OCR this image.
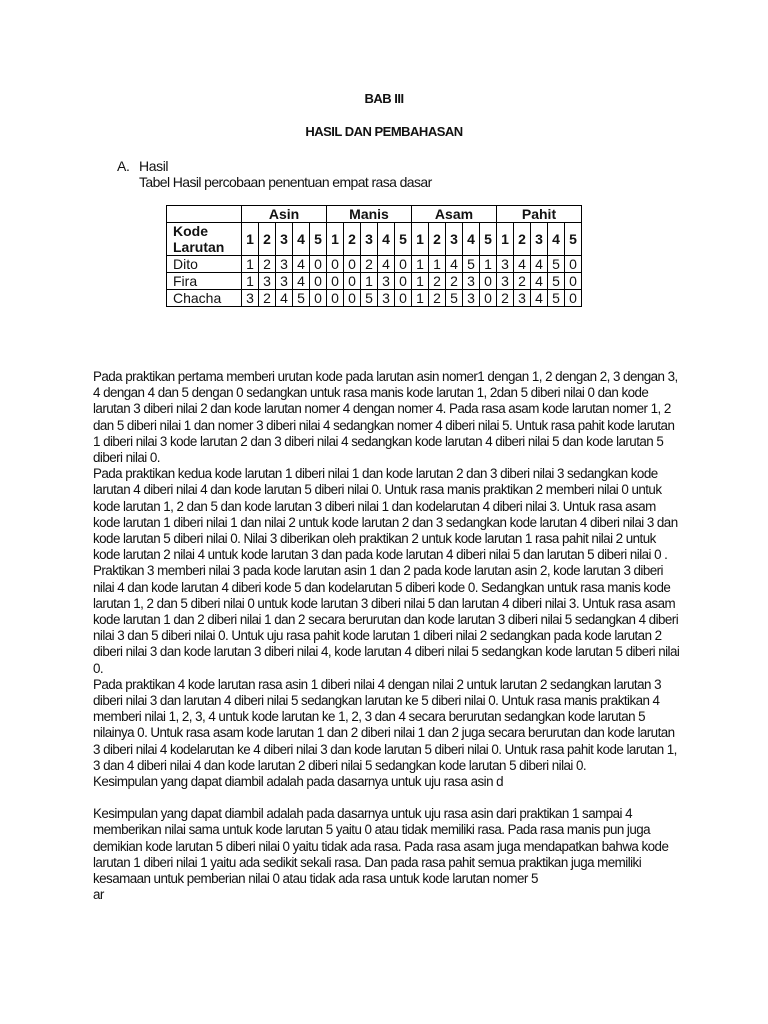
BAB III
HASIL DAN PEMBAHASAN
A. Hasil
Tabel Hasil percobaan penentuan empat rasa dasar
	Asin					Manis					Asam					Pahit				
Kode Larutan	1	2	3	4	5	1	2	3	4	5	1	2	3	4	5	1	2	3	4	5
Dito	1	2	3	4	0	0	0	2	4	0	1	1	4	5	1	3	4	4	5	0
Fira	1	3	3	4	0	0	0	1	3	0	1	2	2	3	0	3	2	4	5	0
Chacha	3	2	4	5	0	0	0	5	3	0	1	2	5	3	0	2	3	4	5	0

Pada praktikan pertama memberi urutan kode pada larutan asin nomer1 dengan 1, 2 dengan 2, 3 dengan 3, 4 dengan 4 dan 5 dengan 0 sedangkan untuk rasa manis kode larutan 1, 2dan 5 diberi nilai 0 dan kode larutan 3 diberi nilai 2 dan kode larutan nomer 4 dengan nomer 4. Pada rasa asam kode larutan nomer 1, 2 dan 5 diberi nilai 1 dan nomer 3 diberi nilai 4 sedangkan nomer 4 diberi nilai 5. Untuk rasa pahit kode larutan 1 diberi nilai 3 kode larutan 2 dan 3 diberi nilai 4 sedangkan kode larutan 4 diberi nilai 5 dan kode larutan 5 diberi nilai 0.

Pada praktikan kedua kode larutan 1 diberi nilai 1 dan kode larutan 2 dan 3 diberi nilai 3 sedangkan kode larutan 4 diberi nilai 4 dan kode larutan 5 diberi nilai 0. Untuk rasa manis praktikan 2 memberi nilai 0 untuk kode larutan 1, 2 dan 5 dan kode larutan 3 diberi nilai 1 dan kodelarutan 4 diberi nilai 3. Untuk rasa asam kode larutan 1 diberi nilai 1 dan nilai 2 untuk kode larutan 2 dan 3 sedangkan kode larutan 4 diberi nilai 3 dan kode larutan 5 diberi nilai 0. Nilai 3 diberikan oleh praktikan 2 untuk kode larutan 1 rasa pahit nilai 2 untuk kode larutan 2 nilai 4 untuk kode larutan 3 dan pada kode larutan 4 diberi nilai 5 dan larutan 5 diberi nilai 0 .

Praktikan 3 memberi nilai 3 pada kode larutan asin 1 dan 2 pada kode larutan asin 2, kode larutan 3 diberi nilai 4 dan kode larutan 4 diberi kode 5 dan kodelarutan 5 diberi kode 0. Sedangkan untuk rasa manis kode larutan 1, 2 dan 5 diberi nilai 0 untuk kode larutan 3 diberi nilai 5 dan larutan 4 diberi nilai 3. Untuk rasa asam kode larutan 1 dan 2 diberi nilai 1 dan 2 secara berurutan dan kode larutan 3 diberi nilai 5 sedangkan 4 diberi nilai 3 dan 5 diberi nilai 0. Untuk uju rasa pahit kode larutan 1 diberi nilai 2 sedangkan pada kode larutan 2 diberi nilai 3 dan kode larutan 3 diberi nilai 4, kode larutan 4 diberi nilai 5 sedangkan kode larutan 5 diberi nilai 0.

Pada praktikan 4 kode larutan rasa asin 1 diberi nilai 4 dengan nilai 2 untuk larutan 2 sedangkan larutan 3 diberi nilai 3 dan larutan 4 diberi nilai 5 sedangkan larutan ke 5 diberi nilai 0. Untuk rasa manis praktikan 4 memberi nilai 1, 2, 3, 4 untuk kode larutan ke 1, 2, 3 dan 4 secara berurutan sedangkan kode larutan 5 nilainya 0. Untuk rasa asam kode larutan 1 dan 2 diberi nilai 1 dan 2 juga secara berurutan dan kode larutan 3 diberi nilai 4 kodelarutan ke 4 diberi nilai 3 dan kode larutan 5 diberi nilai 0. Untuk rasa pahit kode larutan 1, 3 dan 4 diberi nilai 4 dan kode larutan 2 diberi nilai 5 sedangkan kode larutan 5 diberi nilai 0.

Kesimpulan yang dapat diambil adalah pada dasarnya untuk uju rasa asin d

Kesimpulan yang dapat diambil adalah pada dasarnya untuk uju rasa asin dari praktikan 1 sampai 4 memberikan nilai sama untuk kode larutan 5 yaitu 0 atau tidak memiliki rasa. Pada rasa manis pun juga demikian kode larutan 5 diberi nilai 0 yaitu tidak ada rasa. Pada rasa asam juga mendapatkan bahwa kode larutan 1 diberi nilai 1 yaitu ada sedikit sekali rasa. Dan pada rasa pahit semua praktikan juga memiliki kesamaan untuk pemberian nilai 0 atau tidak ada rasa untuk kode larutan nomer 5

ar
